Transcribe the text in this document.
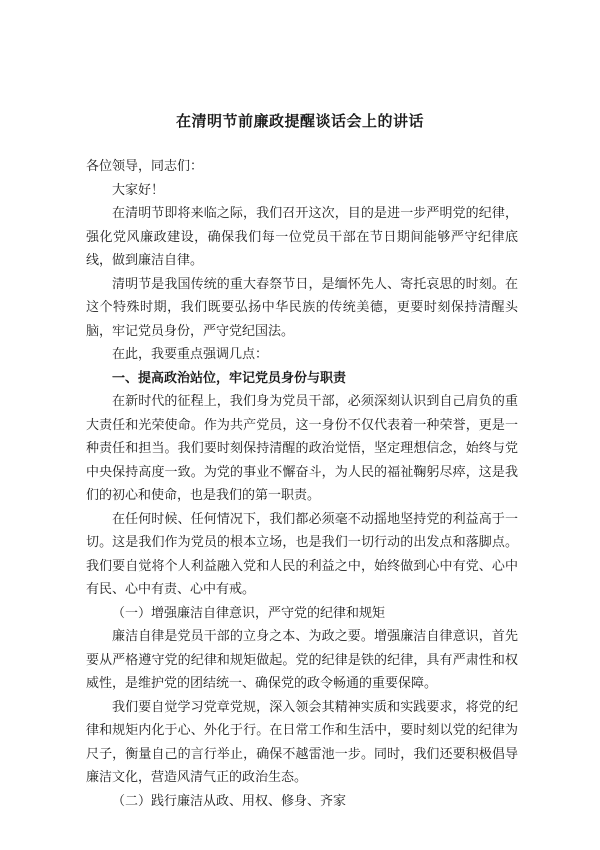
在清明节前廉政提醒谈话会上的讲话

各位领导，同志们：

大家好！

在清明节即将来临之际，我们召开这次，目的是进一步严明党的纪律，强化党风廉政建设，确保我们每一位党员干部在节日期间能够严守纪律底线，做到廉洁自律。

清明节是我国传统的重大春祭节日，是缅怀先人、寄托哀思的时刻。在这个特殊时期，我们既要弘扬中华民族的传统美德，更要时刻保持清醒头脑，牢记党员身份，严守党纪国法。

在此，我要重点强调几点：

一、提高政治站位，牢记党员身份与职责

在新时代的征程上，我们身为党员干部，必须深刻认识到自己肩负的重大责任和光荣使命。作为共产党员，这一身份不仅代表着一种荣誉，更是一种责任和担当。我们要时刻保持清醒的政治觉悟，坚定理想信念，始终与党中央保持高度一致。为党的事业不懈奋斗，为人民的福祉鞠躬尽瘁，这是我们的初心和使命，也是我们的第一职责。

在任何时候、任何情况下，我们都必须毫不动摇地坚持党的利益高于一切。这是我们作为党员的根本立场，也是我们一切行动的出发点和落脚点。我们要自觉将个人利益融入党和人民的利益之中，始终做到心中有党、心中有民、心中有责、心中有戒。

（一）增强廉洁自律意识，严守党的纪律和规矩

廉洁自律是党员干部的立身之本、为政之要。增强廉洁自律意识，首先要从严格遵守党的纪律和规矩做起。党的纪律是铁的纪律，具有严肃性和权威性，是维护党的团结统一、确保党的政令畅通的重要保障。

我们要自觉学习党章党规，深入领会其精神实质和实践要求，将党的纪律和规矩内化于心、外化于行。在日常工作和生活中，要时刻以党的纪律为尺子，衡量自己的言行举止，确保不越雷池一步。同时，我们还要积极倡导廉洁文化，营造风清气正的政治生态。

（二）践行廉洁从政、用权、修身、齐家
